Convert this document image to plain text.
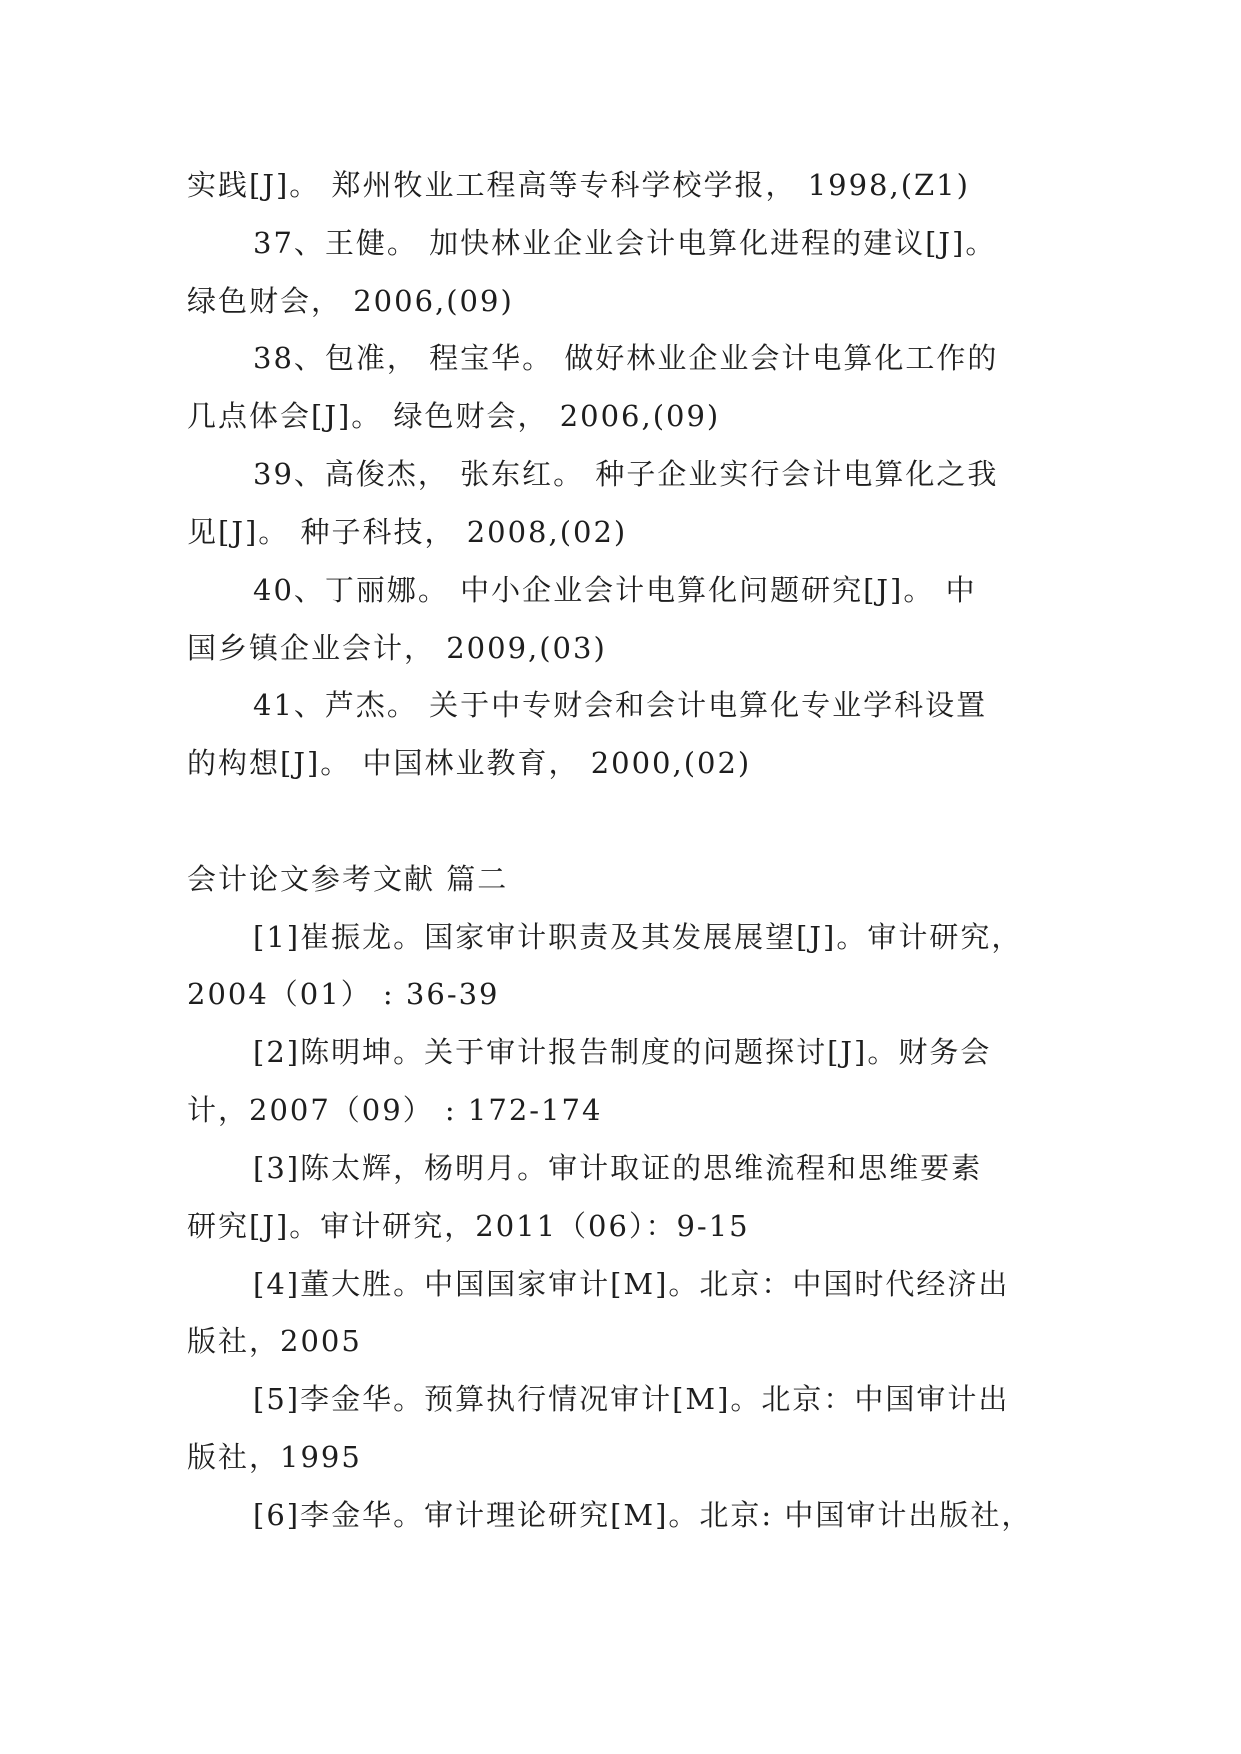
实践[J]。 郑州牧业工程高等专科学校学报， 1998,(Z1)
37、王健。 加快林业企业会计电算化进程的建议[J]。
绿色财会， 2006,(09)
38、包准， 程宝华。 做好林业企业会计电算化工作的
几点体会[J]。 绿色财会， 2006,(09)
39、高俊杰， 张东红。 种子企业实行会计电算化之我
见[J]。 种子科技， 2008,(02)
40、丁丽娜。 中小企业会计电算化问题研究[J]。 中
国乡镇企业会计， 2009,(03)
41、芦杰。 关于中专财会和会计电算化专业学科设置
的构想[J]。 中国林业教育， 2000,(02)
会计论文参考文献 篇二
[1]崔振龙。国家审计职责及其发展展望[J]。审计研究，
2004（01） : 36-39
[2]陈明坤。关于审计报告制度的问题探讨[J]。财务会
计，2007（09） : 172-174
[3]陈太辉，杨明月。审计取证的思维流程和思维要素
研究[J]。审计研究，2011（06）：9-15
[4]董大胜。中国国家审计[M]。北京：中国时代经济出
版社，2005
[5]李金华。预算执行情况审计[M]。北京：中国审计出
版社，1995
[6]李金华。审计理论研究[M]。北京: 中国审计出版社，
